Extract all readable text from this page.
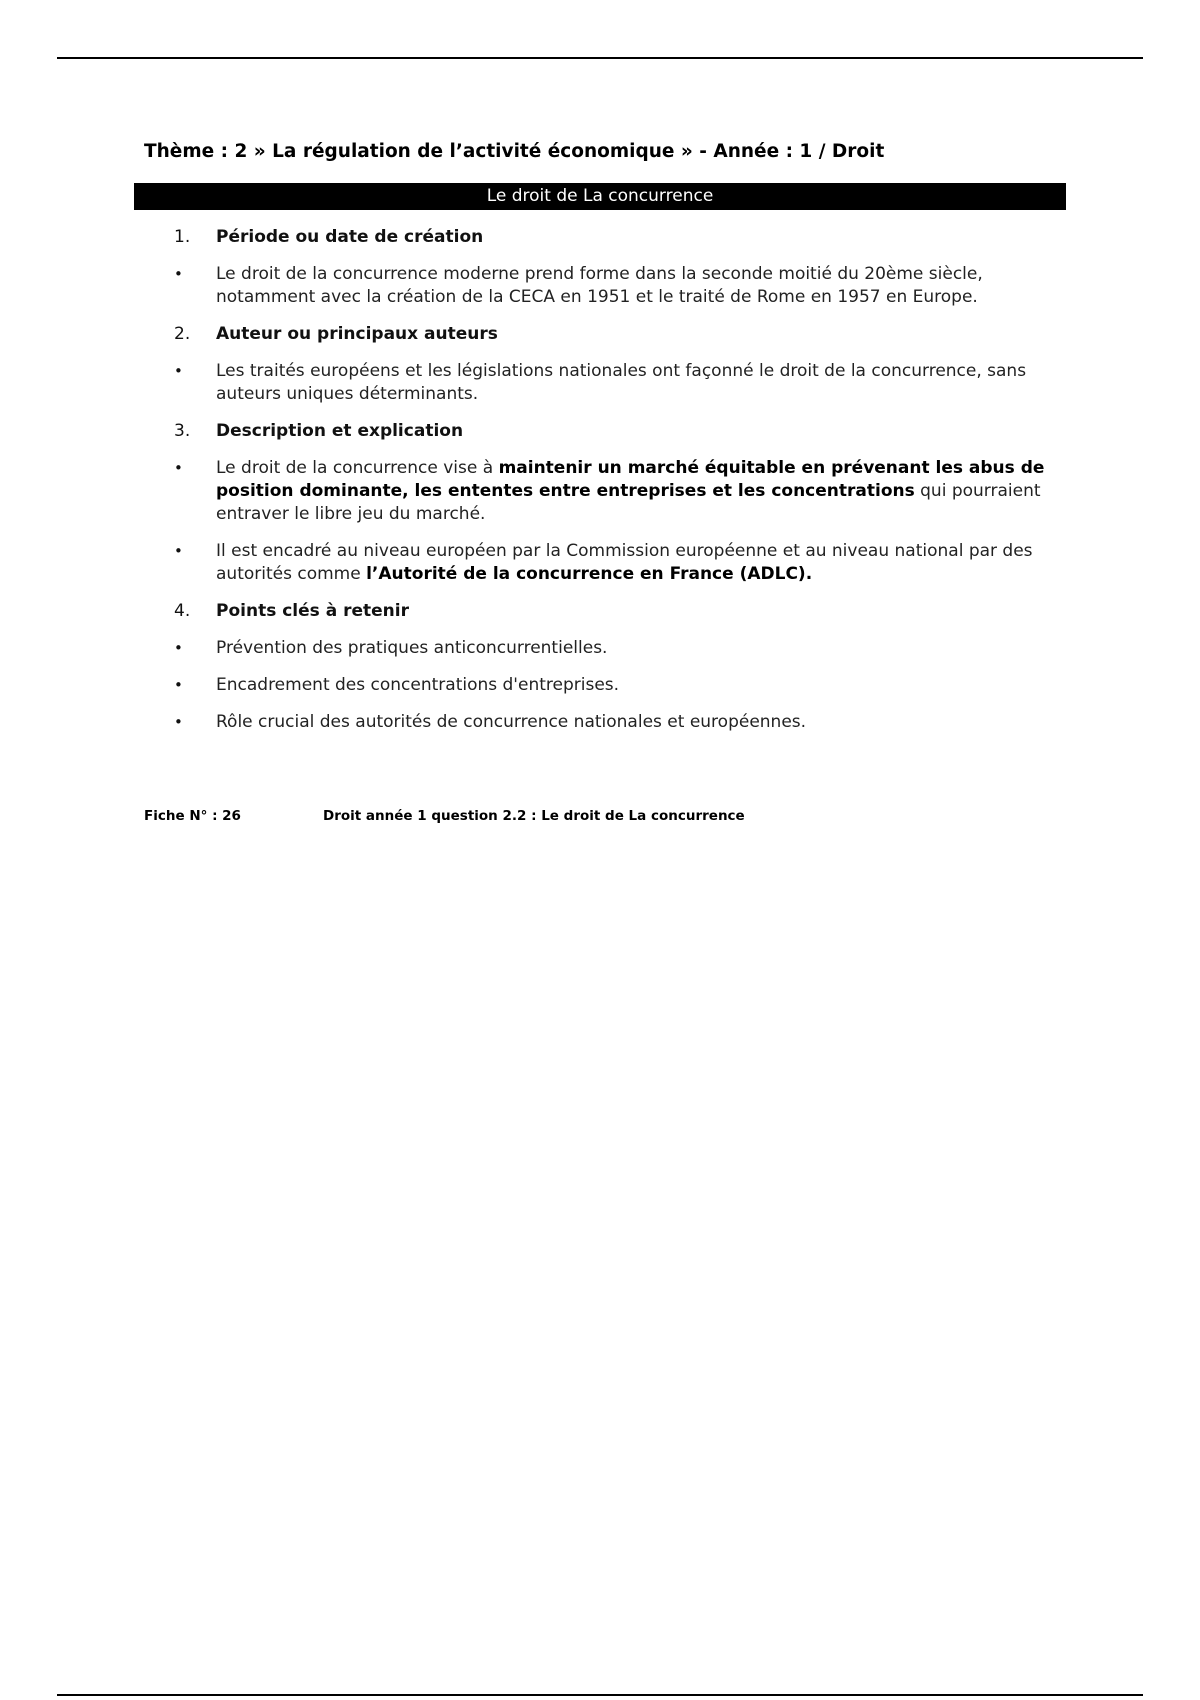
Thème : 2 » La régulation de l’activité économique » - Année : 1 / Droit
Le droit de La concurrence
1.	Période ou date de création
•	Le droit de la concurrence moderne prend forme dans la seconde moitié du 20ème siècle, notamment avec la création de la CECA en 1951 et le traité de Rome en 1957 en Europe.
2.	Auteur ou principaux auteurs
•	Les traités européens et les législations nationales ont façonné le droit de la concurrence, sans auteurs uniques déterminants.
3.	Description et explication
•	Le droit de la concurrence vise à maintenir un marché équitable en prévenant les abus de position dominante, les ententes entre entreprises et les concentrations qui pourraient entraver le libre jeu du marché.
•	Il est encadré au niveau européen par la Commission européenne et au niveau national par des autorités comme l’Autorité de la concurrence en France (ADLC).
4.	Points clés à retenir
•	Prévention des pratiques anticoncurrentielles.
•	Encadrement des concentrations d'entreprises.
•	Rôle crucial des autorités de concurrence nationales et européennes.
Fiche N° : 26	Droit année 1 question 2.2 : Le droit de La concurrence
